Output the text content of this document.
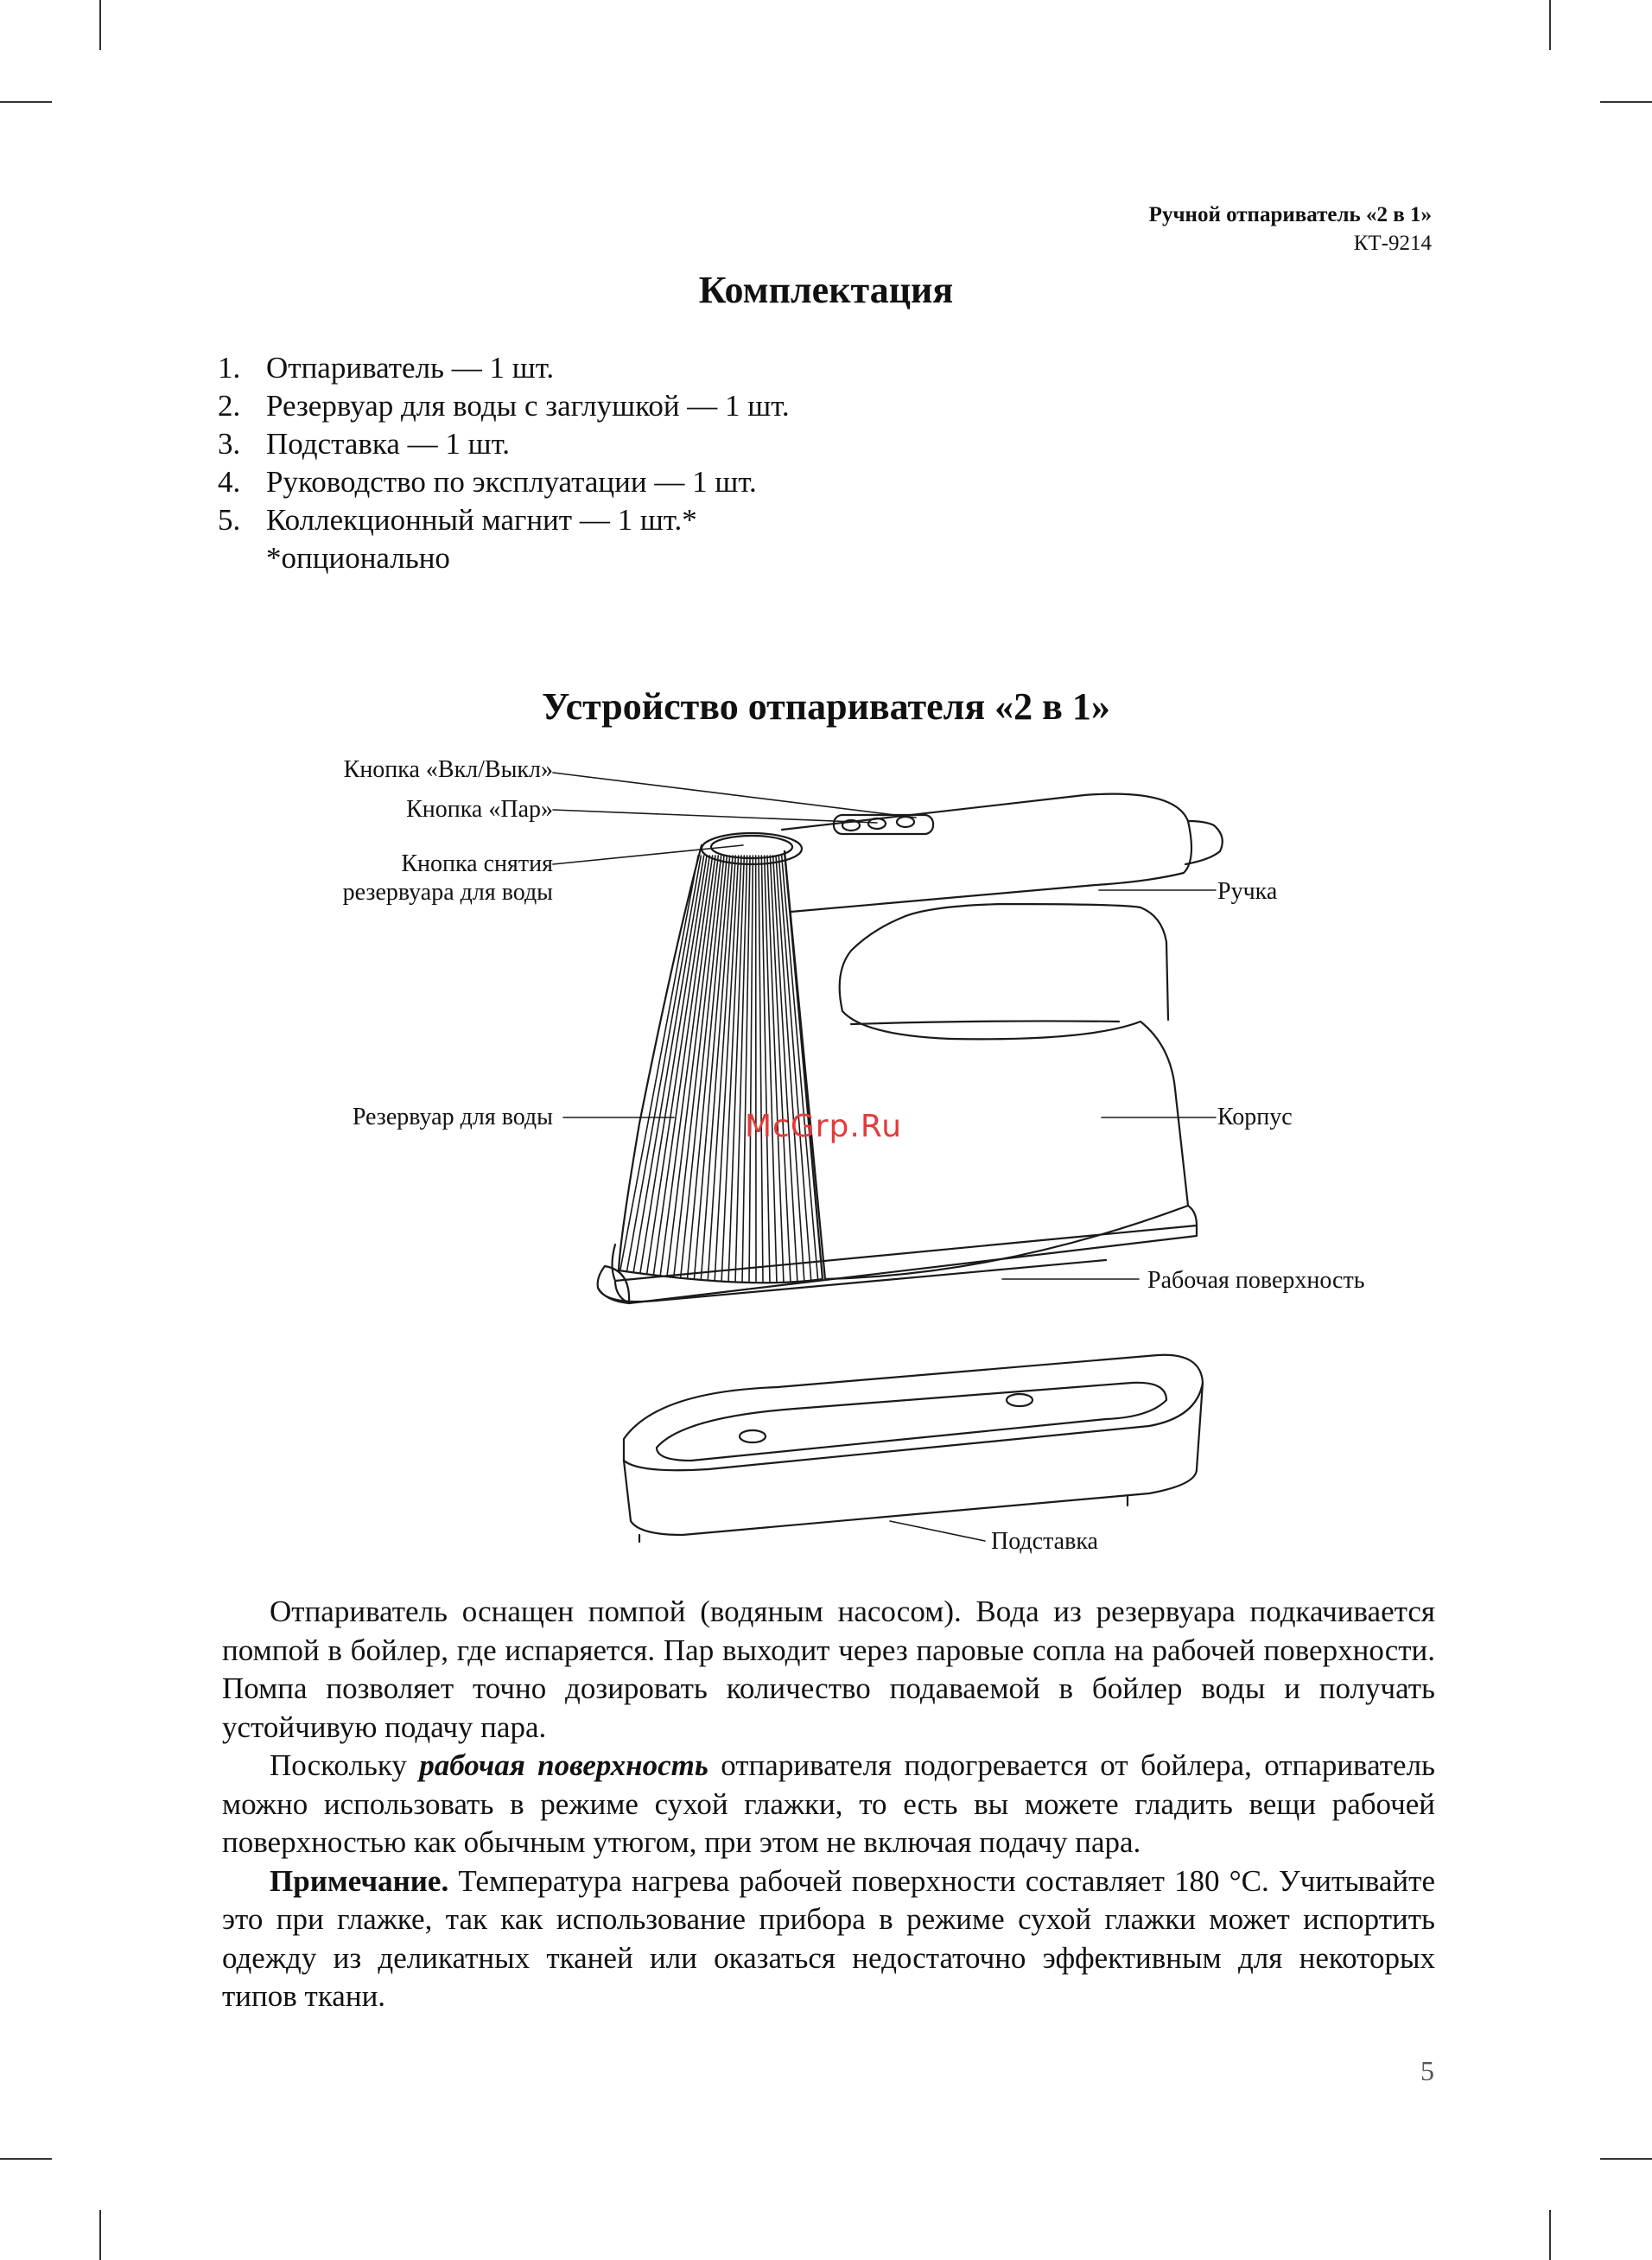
Ручной отпариватель «2 в 1»
КТ-9214
Комплектация
1. Отпариватель — 1 шт.
2. Резервуар для воды с заглушкой — 1 шт.
3. Подставка — 1 шт.
4. Руководство по эксплуатации — 1 шт.
5. Коллекционный магнит — 1 шт.*
*опционально
Устройство отпаривателя «2 в 1»
Кнопка «Вкл/Выкл»
Кнопка «Пар»
Кнопка снятия
резервуара для воды
Резервуар для воды
Ручка
Корпус
Рабочая поверхность
Подставка
McGrp.Ru

Отпариватель оснащен помпой (водяным насосом). Вода из резервуара подкачивается помпой в бойлер, где испаряется. Пар выходит через паровые сопла на рабочей поверхности. Помпа позволяет точно дозировать количество подаваемой в бойлер воды и получать устойчивую подачу пара.

Поскольку рабочая поверхность отпаривателя подогревается от бойлера, отпариватель можно использовать в режиме сухой глажки, то есть вы можете гладить вещи рабочей поверхностью как обычным утюгом, при этом не включая подачу пара.

Примечание. Температура нагрева рабочей поверхности составляет 180 °С. Учитывайте это при глажке, так как использование прибора в режиме сухой глажки может испортить одежду из деликатных тканей или оказаться недостаточно эффективным для некоторых типов ткани.

5
